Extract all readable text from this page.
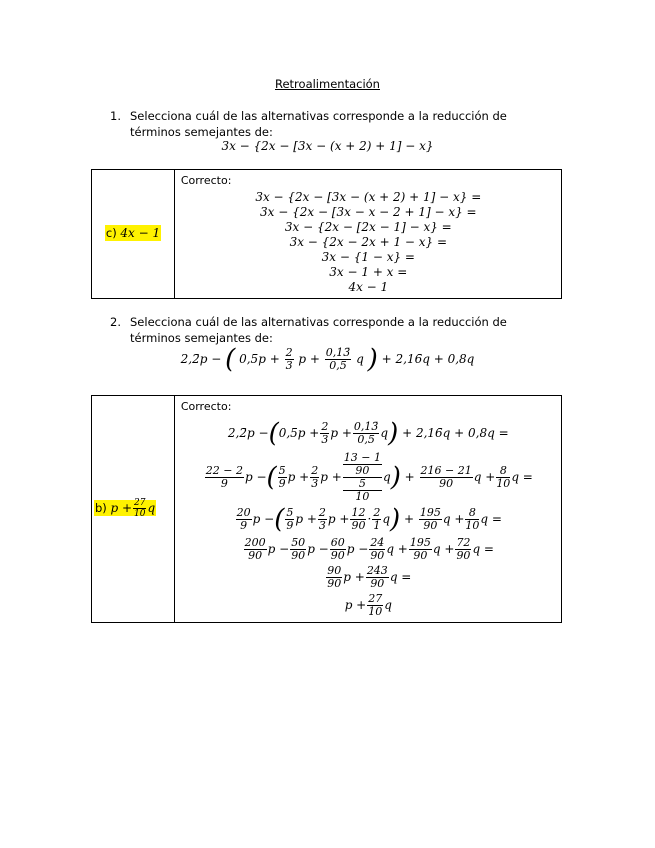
Retroalimentación
1. Selecciona cuál de las alternativas corresponde a la reducción de términos semejantes de:
3x − {2x − [3x − (x + 2) + 1] − x}
c) 4x − 1

Correcto:
3x − {2x − [3x − (x + 2) + 1] − x} =
3x − {2x − [3x − x − 2 + 1] − x} =
3x − {2x − [2x − 1] − x} =
3x − {2x − 2x + 1 − x} =
3x − {1 − x} =
3x − 1 + x =
4x − 1
2. Selecciona cuál de las alternativas corresponde a la reducción de términos semejantes de:
2,2̄p − ( 0,5̄p + $\frac{2}{3}$ $p + \frac{0,13̄}{0,5}$ q ) + 2,16̄q + 0,8q
b) $p + \frac{27}{10}$ q

Correcto:
2,2̄p −(0,5̄p + $\frac{2}{3}$ $p + \frac{0,13̄}{0,5} q$) + 2,16̄q + 0,8q =
$\frac{22 - 2}{9}$ p −( $\frac{5}{9}$ $p + \frac{2}{3}$ p +
13 − 1
90
5
10
$q) + \frac{216 - 21}{90}$ $q + \frac{8}{10}$ q =
$\frac{20}{9}$ p −( $\frac{5}{9}$ $p + \frac{2}{3}$ $p + \frac{12}{90} \cdot \frac{2}{1} q) + \frac{195}{90}$ $q + \frac{8}{10}$ q =
$\frac{200}{90}$ $p - \frac{50}{90}$ $p - \frac{60}{90}$ $p - \frac{24}{90}$ $q + \frac{195}{90}$ $q + \frac{72}{90}$ q =
$\frac{90}{90}$ $p + \frac{243}{90}$ q =
$p + \frac{27}{10}$ q
